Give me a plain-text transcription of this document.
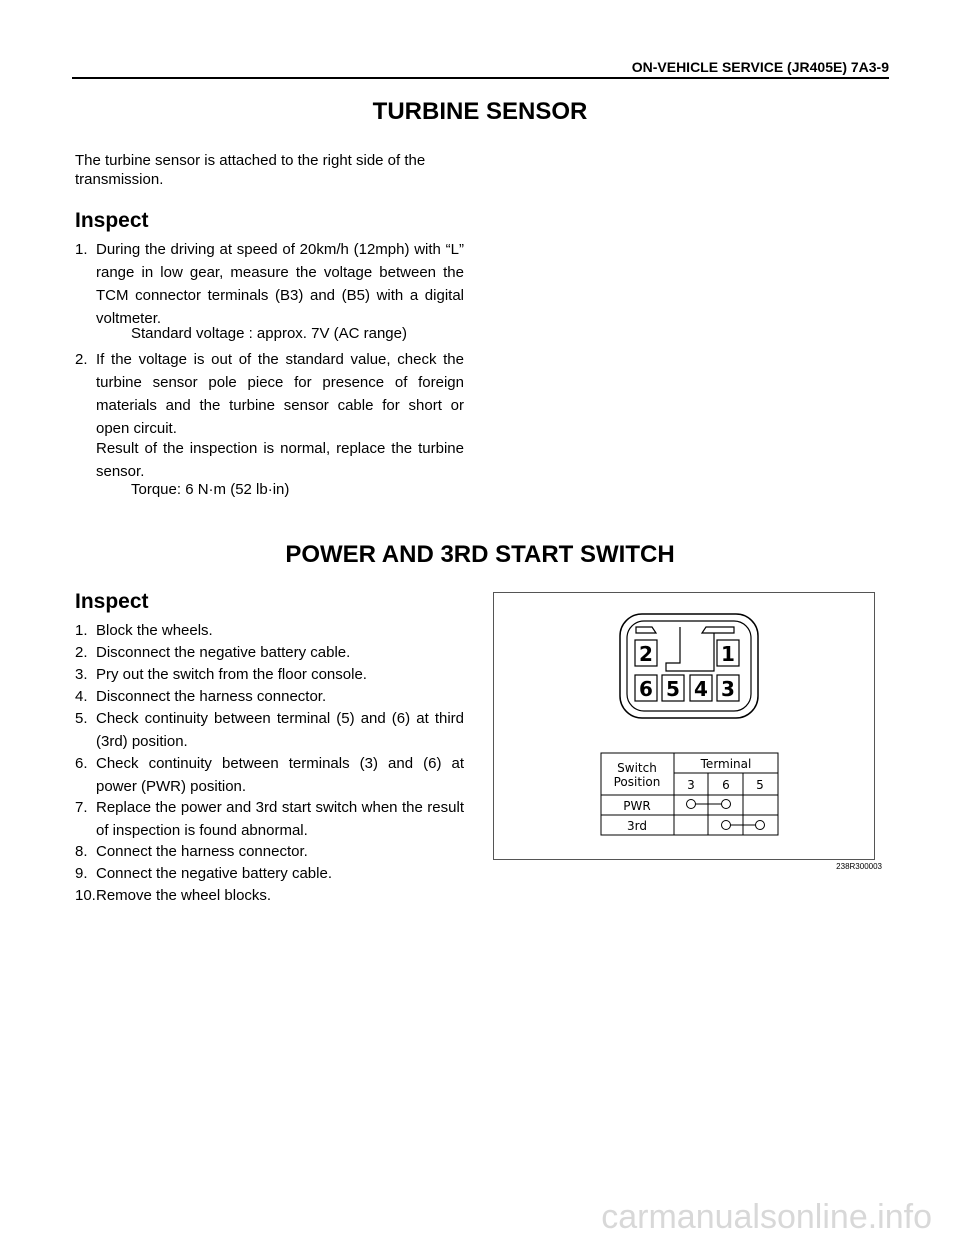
ON-VEHICLE SERVICE (JR405E) 7A3-9
TURBINE SENSOR
The turbine sensor is attached to the right side of the transmission.
Inspect
1. During the driving at speed of 20km/h (12mph) with “L” range in low gear, measure the voltage between the TCM connector terminals (B3) and (B5) with a digital voltmeter.
Standard voltage : approx. 7V (AC range)
2. If the voltage is out of the standard value, check the turbine sensor pole piece for presence of foreign materials and the turbine sensor cable for short or open circuit.
Result of the inspection is normal, replace the turbine sensor.
Torque: 6 N·m (52 lb·in)
POWER AND 3RD START SWITCH
Inspect
1. Block the wheels.
2. Disconnect the negative battery cable.
3. Pry out the switch from the floor console.
4. Disconnect the harness connector.
5. Check continuity between terminal (5) and (6) at third (3rd) position.
6. Check continuity between terminals (3) and (6) at power (PWR) position.
7. Replace the power and 3rd start switch when the result of inspection is found abnormal.
8. Connect the harness connector.
9. Connect the negative battery cable.
10. Remove the wheel blocks.
2	1
6 5 4 3
Switch
Position
Terminal
3 6 5
PWR
3rd
238R300003
carmanualsonline.info
